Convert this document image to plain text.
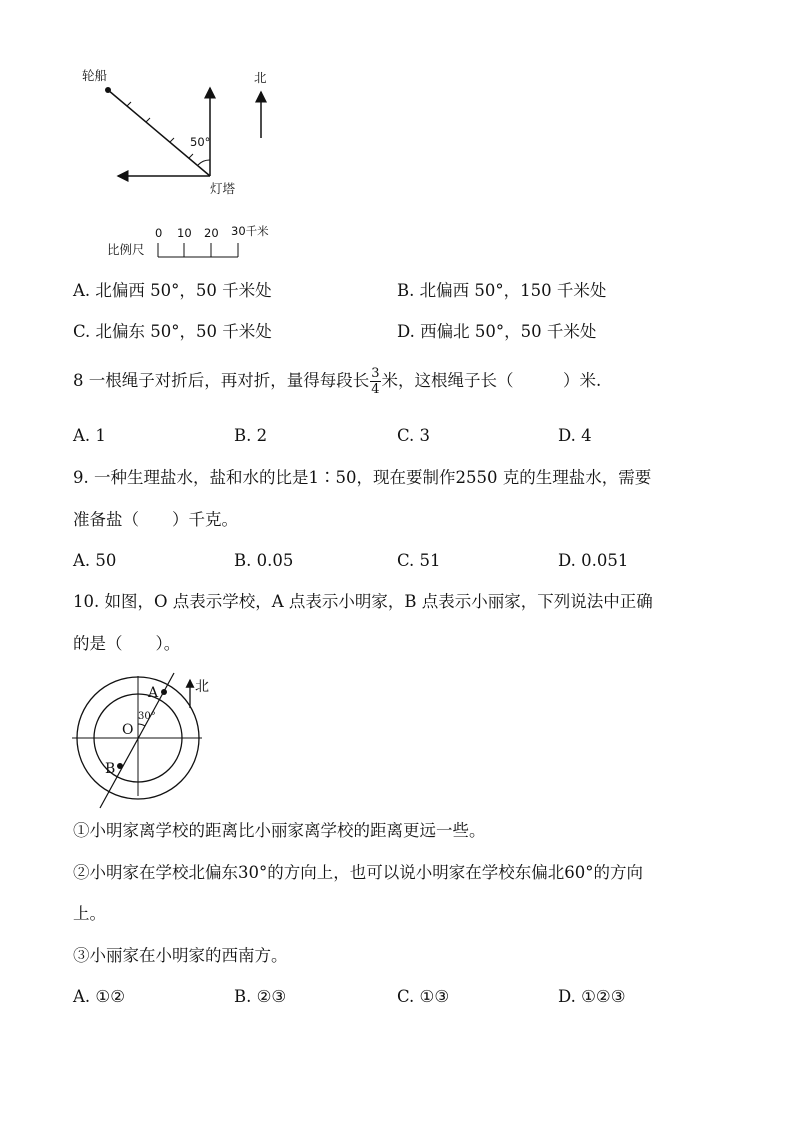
轮船	北
50°
灯塔
比例尺
0 10 20 30千米
A. 北偏西 50°，50 千米处	B. 北偏西 50°，150 千米处
C. 北偏东 50°，50 千米处	D. 西偏北 50°，50 千米处
8 一根绳子对折后，再对折，量得每段长 $\frac{3}{4}$ 米，这根绳子长（　　　）米.
A. 1	B. 2	C. 3	D. 4
9. 一种生理盐水，盐和水的比是1∶50，现在要制作2550 克的生理盐水，需要
准备盐（　　）千克。
A. 50	B. 0.05	C. 51	D. 0.051
10. 如图，O 点表示学校，A 点表示小明家，B 点表示小丽家，下列说法中正确
的是（　　）。
北
A
O
B
30°
①小明家离学校的距离比小丽家离学校的距离更远一些。
②小明家在学校北偏东30°的方向上，也可以说小明家在学校东偏北60°的方向
上。
③小丽家在小明家的西南方。
A. ①②	B. ②③	C. ①③	D. ①②③
